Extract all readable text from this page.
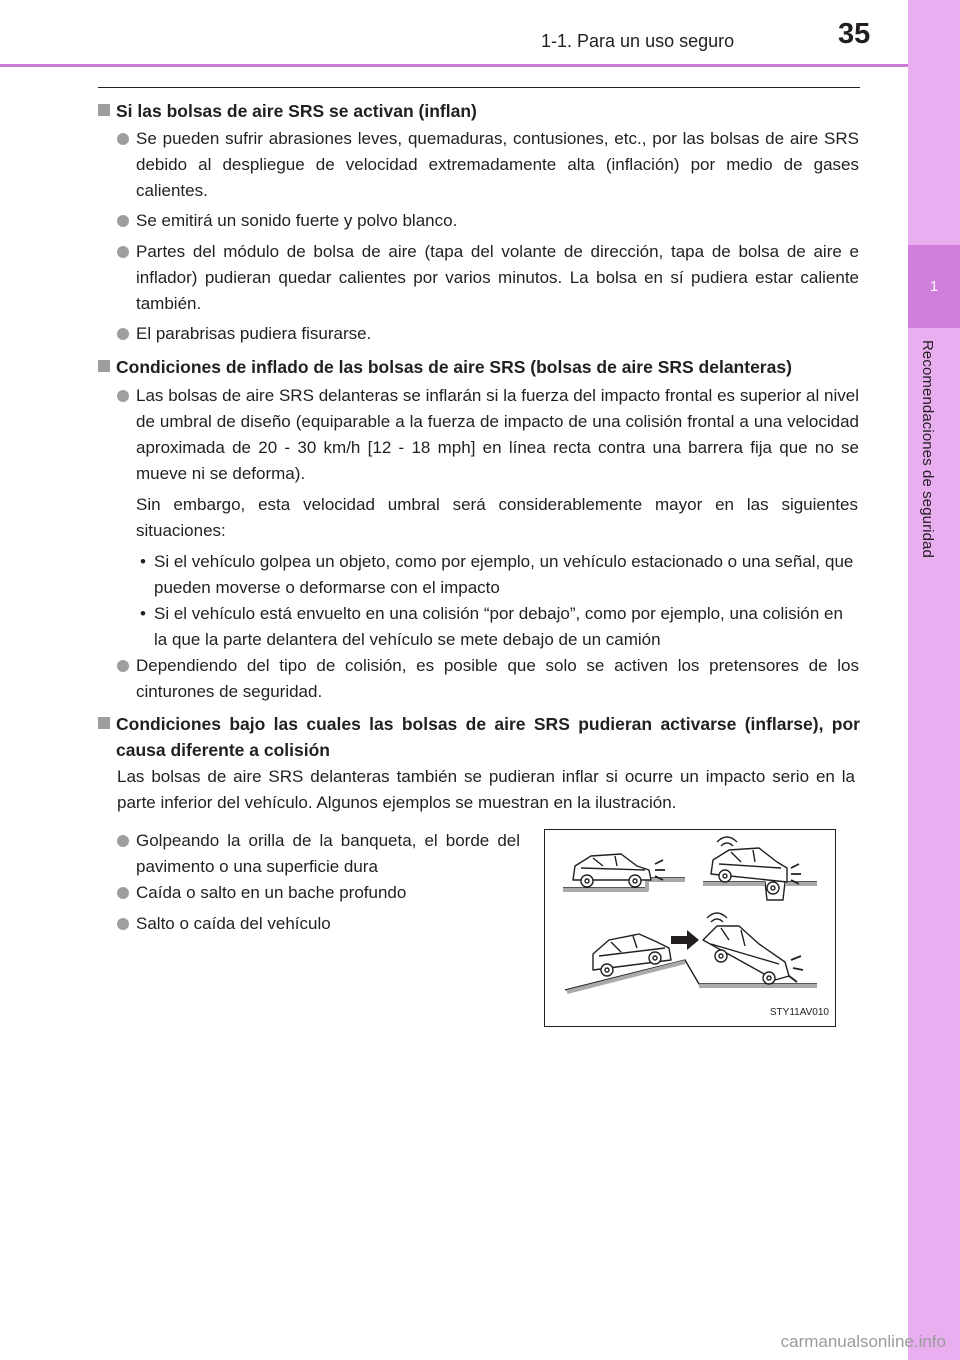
1
Recomendaciones de seguridad
1-1. Para un uso seguro	35
Si las bolsas de aire SRS se activan (inflan)
Se pueden sufrir abrasiones leves, quemaduras, contusiones, etc., por las bolsas de aire SRS debido al despliegue de velocidad extremadamente alta (inflación) por medio de gases calientes.
Se emitirá un sonido fuerte y polvo blanco.
Partes del módulo de bolsa de aire (tapa del volante de dirección, tapa de bolsa de aire e inflador) pudieran quedar calientes por varios minutos. La bolsa en sí pudiera estar caliente también.
El parabrisas pudiera fisurarse.
Condiciones de inflado de las bolsas de aire SRS (bolsas de aire SRS delanteras)
Las bolsas de aire SRS delanteras se inflarán si la fuerza del impacto frontal es superior al nivel de umbral de diseño (equiparable a la fuerza de impacto de una colisión frontal a una velocidad aproximada de 20 - 30 km/h [12 - 18 mph] en línea recta contra una barrera fija que no se mueve ni se deforma).
Sin embargo, esta velocidad umbral será considerablemente mayor en las siguientes situaciones:
• Si el vehículo golpea un objeto, como por ejemplo, un vehículo estacionado o una señal, que pueden moverse o deformarse con el impacto
• Si el vehículo está envuelto en una colisión “por debajo”, como por ejemplo, una colisión en la que la parte delantera del vehículo se mete debajo de un camión
Dependiendo del tipo de colisión, es posible que solo se activen los pretensores de los cinturones de seguridad.
Condiciones bajo las cuales las bolsas de aire SRS pudieran activarse (inflarse), por causa diferente a colisión
Las bolsas de aire SRS delanteras también se pudieran inflar si ocurre un impacto serio en la parte inferior del vehículo. Algunos ejemplos se muestran en la ilustración.
Golpeando la orilla de la banqueta, el borde del pavimento o una superficie dura
Caída o salto en un bache profundo
Salto o caída del vehículo
STY11AV010
carmanualsonline.info
